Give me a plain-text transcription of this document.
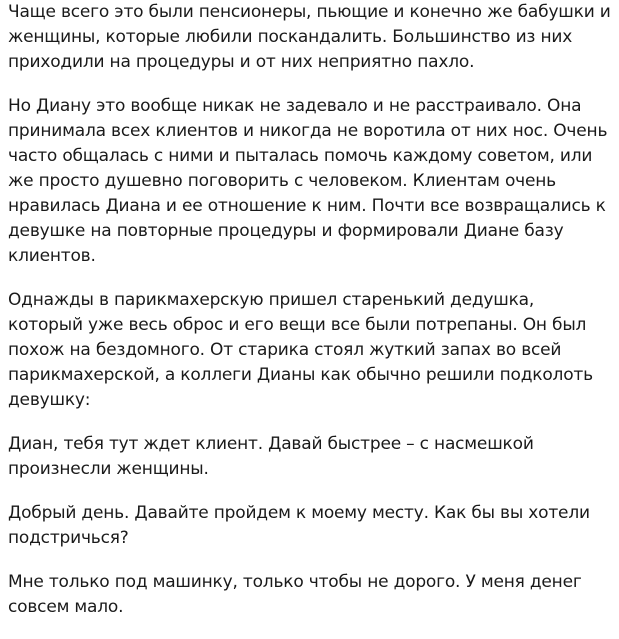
Чаще всего это были пенсионеры, пьющие и конечно же бабушки и женщины, которые любили поскандалить. Большинство из них приходили на процедуры и от них неприятно пахло.

Но Диану это вообще никак не задевало и не расстраивало. Она принимала всех клиентов и никогда не воротила от них нос. Очень часто общалась с ними и пыталась помочь каждому советом, или же просто душевно поговорить с человеком. Клиентам очень нравилась Диана и ее отношение к ним. Почти все возвращались к девушке на повторные процедуры и формировали Диане базу клиентов.

Однажды в парикмахерскую пришел старенький дедушка, который уже весь оброс и его вещи все были потрепаны. Он был похож на бездомного. От старика стоял жуткий запах во всей парикмахерской, а коллеги Дианы как обычно решили подколоть девушку:

Диан, тебя тут ждет клиент. Давай быстрее – с насмешкой произнесли женщины.

Добрый день. Давайте пройдем к моему месту. Как бы вы хотели подстричься?

Мне только под машинку, только чтобы не дорого. У меня денег совсем мало.
